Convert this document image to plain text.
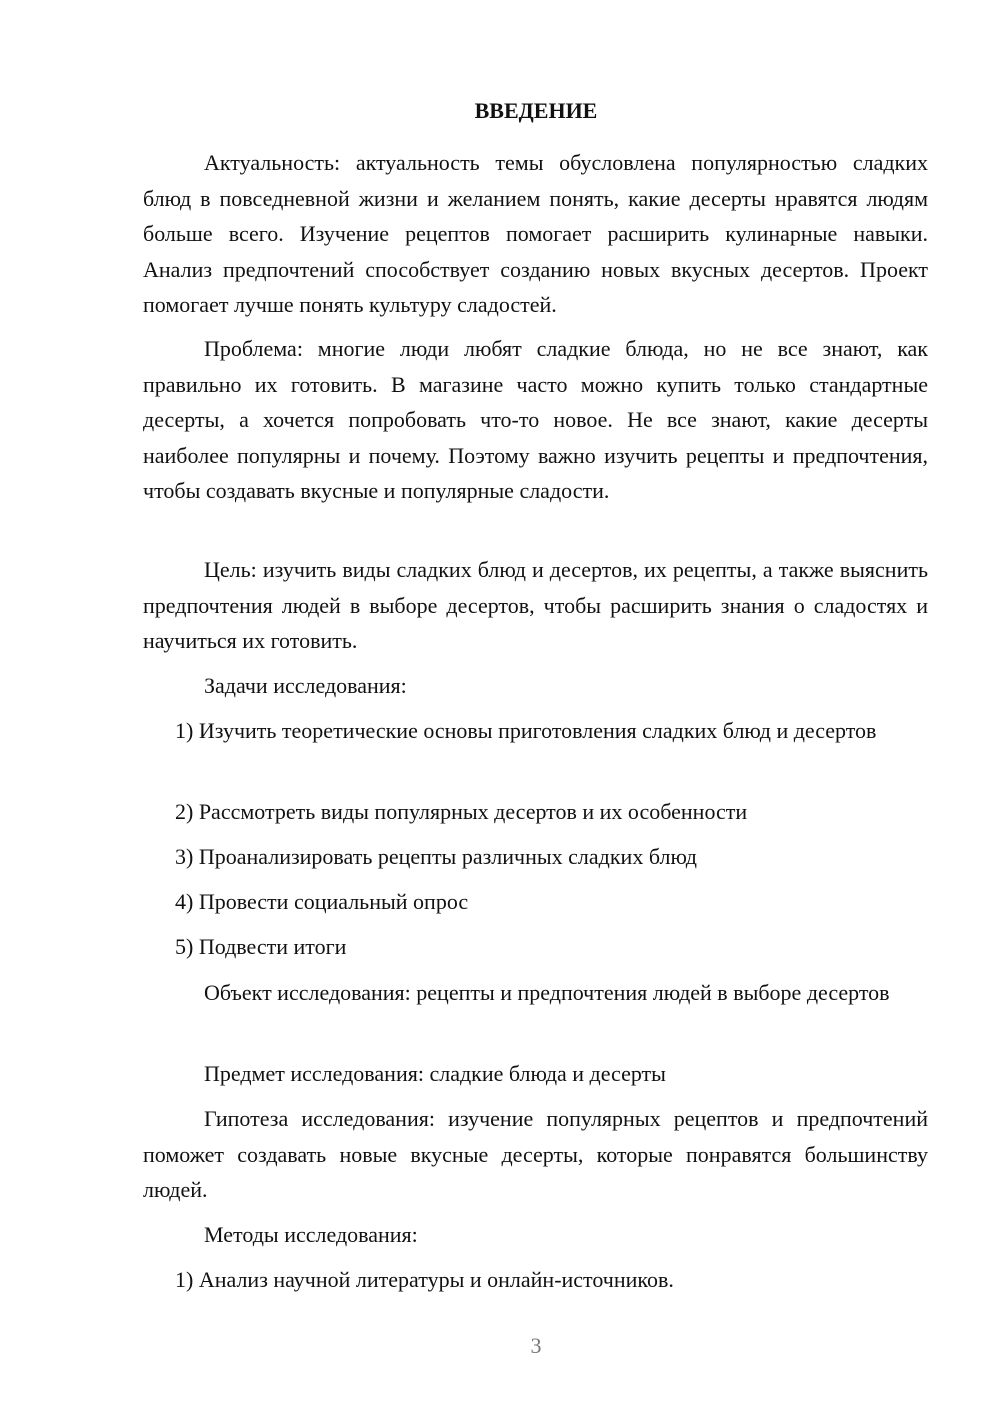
ВВЕДЕНИЕ
Актуальность: актуальность темы обусловлена популярностью сладких блюд в повседневной жизни и желанием понять, какие десерты нравятся людям больше всего. Изучение рецептов помогает расширить кулинарные навыки. Анализ предпочтений способствует созданию новых вкусных десертов. Проект помогает лучше понять культуру сладостей.
Проблема: многие люди любят сладкие блюда, но не все знают, как правильно их готовить. В магазине часто можно купить только стандартные десерты, а хочется попробовать что-то новое. Не все знают, какие десерты наиболее популярны и почему. Поэтому важно изучить рецепты и предпочтения, чтобы создавать вкусные и популярные сладости.
Цель: изучить виды сладких блюд и десертов, их рецепты, а также выяснить предпочтения людей в выборе десертов, чтобы расширить знания о сладостях и научиться их готовить.
Задачи исследования:
1) Изучить теоретические основы приготовления сладких блюд и десертов
2) Рассмотреть виды популярных десертов и их особенности
3) Проанализировать рецепты различных сладких блюд
4) Провести социальный опрос
5) Подвести итоги
Объект исследования: рецепты и предпочтения людей в выборе десертов
Предмет исследования: сладкие блюда и десерты
Гипотеза исследования: изучение популярных рецептов и предпочтений поможет создавать новые вкусные десерты, которые понравятся большинству людей.
Методы исследования:
1) Анализ научной литературы и онлайн-источников.
3
